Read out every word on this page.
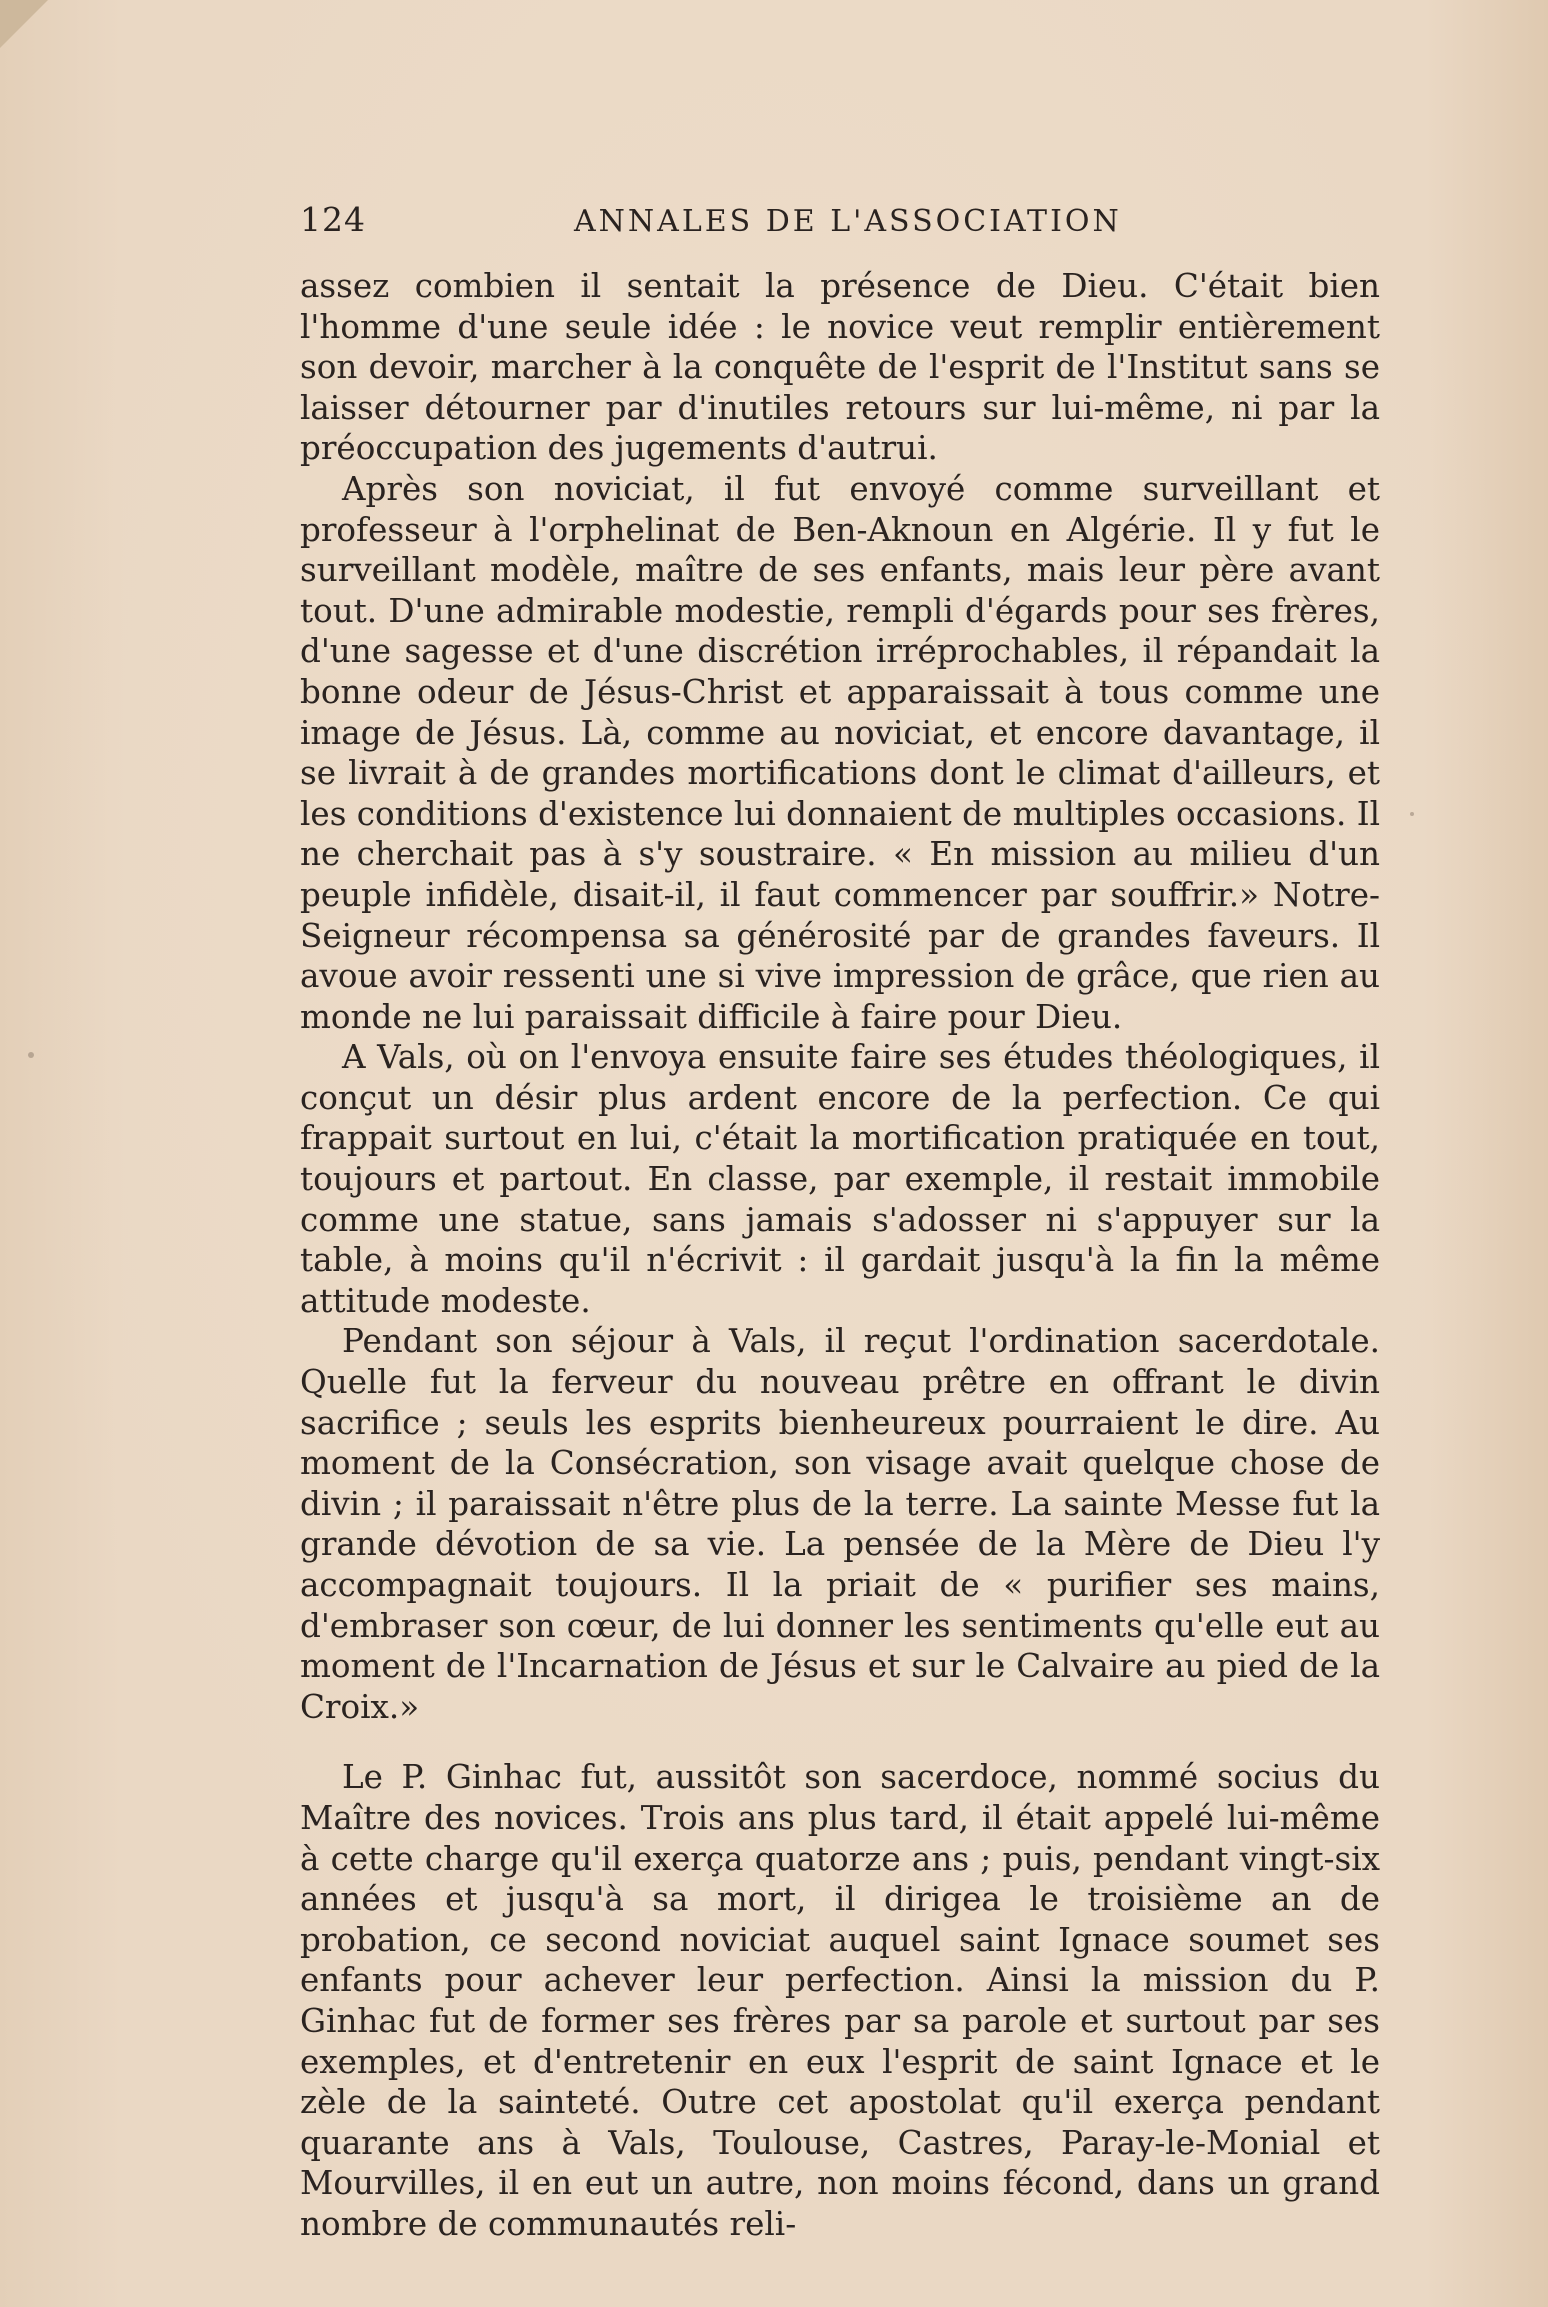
124	ANNALES DE L'ASSOCIATION

assez combien il sentait la présence de Dieu. C'était bien l'homme d'une seule idée : le novice veut remplir entièrement son devoir, marcher à la conquête de l'esprit de l'Institut sans se laisser détourner par d'inutiles retours sur lui-même, ni par la préoccupation des jugements d'autrui.

Après son noviciat, il fut envoyé comme surveillant et professeur à l'orphelinat de Ben-Aknoun en Algérie. Il y fut le surveillant modèle, maître de ses enfants, mais leur père avant tout. D'une admirable modestie, rempli d'égards pour ses frères, d'une sagesse et d'une discrétion irréprochables, il répandait la bonne odeur de Jésus-Christ et apparaissait à tous comme une image de Jésus. Là, comme au noviciat, et encore davantage, il se livrait à de grandes mortifications dont le climat d'ailleurs, et les conditions d'existence lui donnaient de multiples occasions. Il ne cherchait pas à s'y soustraire. « En mission au milieu d'un peuple infidèle, disait-il, il faut commencer par souffrir.» Notre-Seigneur récompensa sa générosité par de grandes faveurs. Il avoue avoir ressenti une si vive impression de grâce, que rien au monde ne lui paraissait difficile à faire pour Dieu.

A Vals, où on l'envoya ensuite faire ses études théologiques, il conçut un désir plus ardent encore de la perfection. Ce qui frappait surtout en lui, c'était la mortification pratiquée en tout, toujours et partout. En classe, par exemple, il restait immobile comme une statue, sans jamais s'adosser ni s'appuyer sur la table, à moins qu'il n'écrivit : il gardait jusqu'à la fin la même attitude modeste.

Pendant son séjour à Vals, il reçut l'ordination sacerdotale. Quelle fut la ferveur du nouveau prêtre en offrant le divin sacrifice ; seuls les esprits bienheureux pourraient le dire. Au moment de la Consécration, son visage avait quelque chose de divin ; il paraissait n'être plus de la terre. La sainte Messe fut la grande dévotion de sa vie. La pensée de la Mère de Dieu l'y accompagnait toujours. Il la priait de « purifier ses mains, d'embraser son cœur, de lui donner les sentiments qu'elle eut au moment de l'Incarnation de Jésus et sur le Calvaire au pied de la Croix.»

Le P. Ginhac fut, aussitôt son sacerdoce, nommé socius du Maître des novices. Trois ans plus tard, il était appelé lui-même à cette charge qu'il exerça quatorze ans ; puis, pendant vingt-six années et jusqu'à sa mort, il dirigea le troisième an de probation, ce second noviciat auquel saint Ignace soumet ses enfants pour achever leur perfection. Ainsi la mission du P. Ginhac fut de former ses frères par sa parole et surtout par ses exemples, et d'entretenir en eux l'esprit de saint Ignace et le zèle de la sainteté. Outre cet apostolat qu'il exerça pendant quarante ans à Vals, Toulouse, Castres, Paray-le-Monial et Mourvilles, il en eut un autre, non moins fécond, dans un grand nombre de communautés reli-
